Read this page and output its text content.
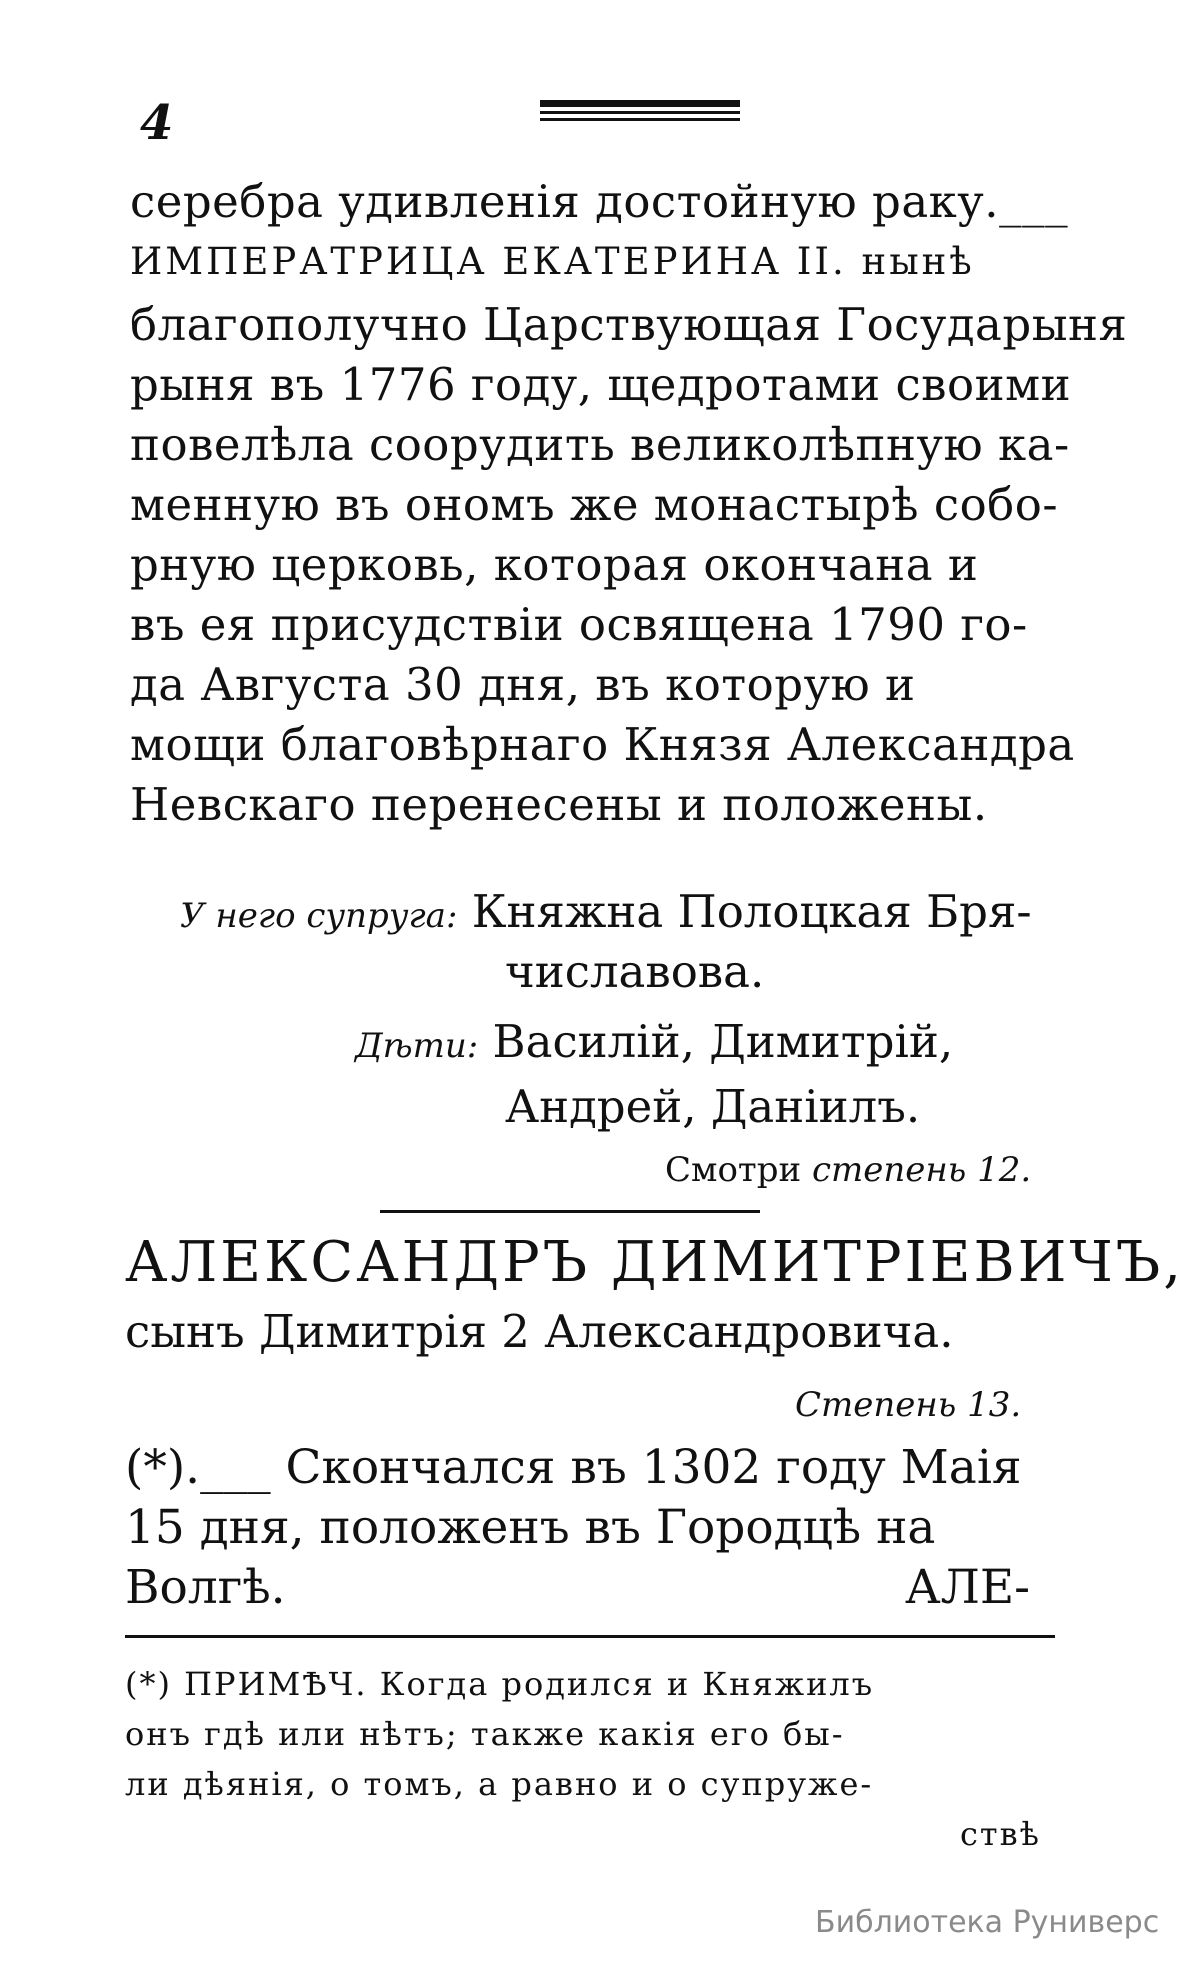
4
серебра удивленія достойную раку.___
ИМПЕРАТРИЦА ЕКАТЕРИНА II. нынѣ
благополучно Царствующая Государыня
рыня въ 1776 году, щедротами своими
повелѣла соорудить великолѣпную ка-
менную въ ономъ же монастырѣ собо-
рную церковь, которая окончана и
въ ея присудствіи освящена 1790 го-
да Августа 30 дня, въ которую и
мощи благовѣрнаго Князя Александра
Невскаго перенесены и положены.
У него супруга: Княжна Полоцкая Бря-
числавова.
Дѣти: Василій, Димитрій,
Андрей, Даніилъ.
Смотри степень 12.
АЛЕКСАНДРЪ ДИМИТРІЕВИЧЪ,
сынъ Димитрія 2 Александровича.
Степень 13.
(*).___ Скончался въ 1302 году Маія
15 дня, положенъ въ Городцѣ на
Волгѣ.	АЛЕ-
(*) ПРИМѢЧ. Когда родился и Княжилъ
онъ гдѣ или нѣтъ; также какія его бы-
ли дѣянія, о томъ, а равно и о супруже-
ствѣ
Библиотека Руниверс
